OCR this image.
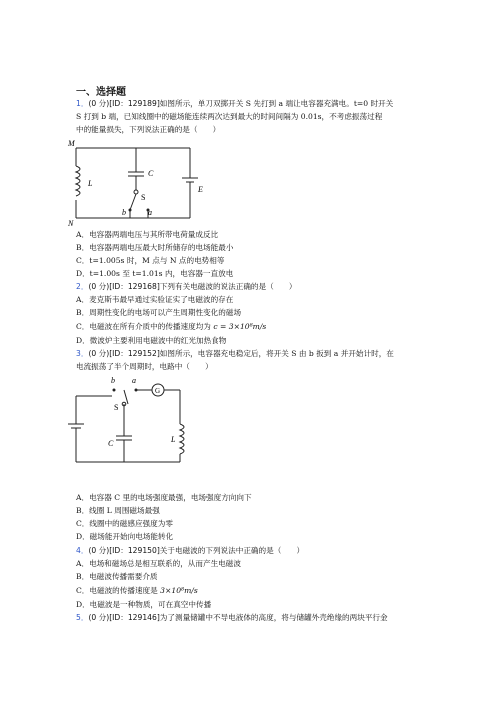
一、选择题
1．(0 分)[ID：129189]如图所示，单刀双掷开关 S 先打到 a 端让电容器充满电。t=0 时开关
S 打到 b 端，已知线圈中的磁场能连续两次达到最大的时间间隔为 0.01s，不考虑振荡过程
中的能量损失，下列说法正确的是（　　）
M
N
L
C
S
E
b	a
A．电容器两端电压与其所带电荷量成反比
B．电容器两端电压最大时所储存的电场能最小
C．t=1.005s 时，M 点与 N 点的电势相等
D．t=1.00s 至 t=1.01s 内，电容器一直放电
2．(0 分)[ID：129168]下列有关电磁波的说法正确的是（　　）
A．麦克斯韦最早通过实验证实了电磁波的存在
B．周期性变化的电场可以产生周期性变化的磁场
C．电磁波在所有介质中的传播速度均为 c = 3×10⁸m/s
D．微波炉主要利用电磁波中的红光加热食物
3．(0 分)[ID：129152]如图所示，电容器充电稳定后，将开关 S 由 b 扳到 a 并开始计时，在
电流振荡了半个周期时，电路中（　　）
b a
S
G
C	L
A．电容器 C 里的电场强度最强，电场强度方向向下
B．线圈 L 周围磁场最强
C．线圈中的磁感应强度为零
D．磁场能开始向电场能转化
4．(0 分)[ID：129150]关于电磁波的下列说法中正确的是（　　）
A．电场和磁场总是相互联系的，从而产生电磁波
B．电磁波传播需要介质
C．电磁波的传播速度是 3×10⁸m/s
D．电磁波是一种物质，可在真空中传播
5．(0 分)[ID：129146]为了测量储罐中不导电液体的高度，将与储罐外壳绝缘的两块平行金
